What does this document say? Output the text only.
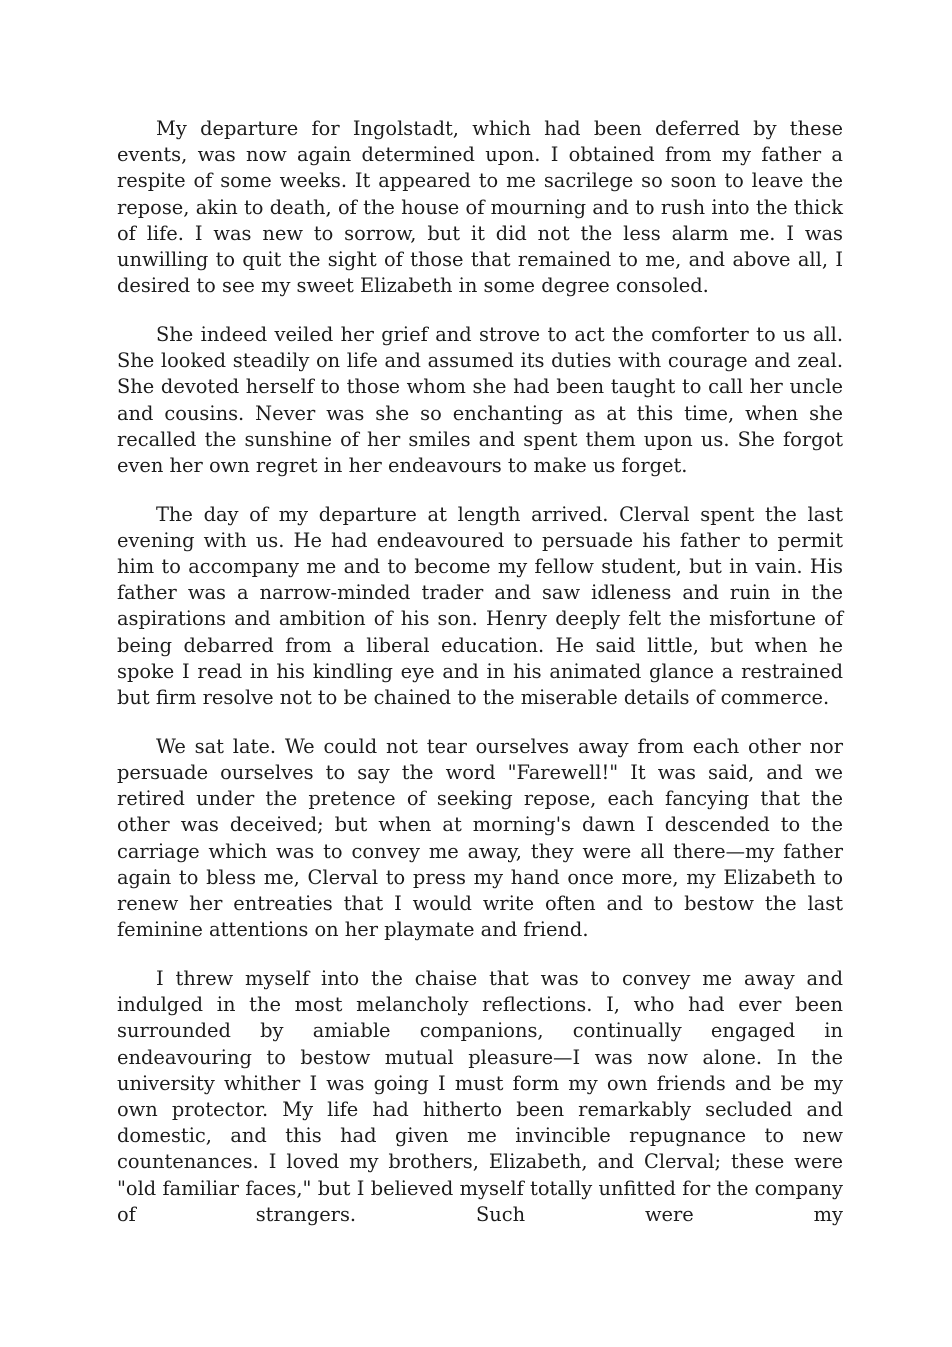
My departure for Ingolstadt, which had been deferred by these events, was now again determined upon. I obtained from my father a respite of some weeks. It appeared to me sacrilege so soon to leave the repose, akin to death, of the house of mourning and to rush into the thick of life. I was new to sorrow, but it did not the less alarm me. I was unwilling to quit the sight of those that remained to me, and above all, I desired to see my sweet Elizabeth in some degree consoled.

She indeed veiled her grief and strove to act the comforter to us all. She looked steadily on life and assumed its duties with courage and zeal. She devoted herself to those whom she had been taught to call her uncle and cousins. Never was she so enchanting as at this time, when she recalled the sunshine of her smiles and spent them upon us. She forgot even her own regret in her endeavours to make us forget.

The day of my departure at length arrived. Clerval spent the last evening with us. He had endeavoured to persuade his father to permit him to accompany me and to become my fellow student, but in vain. His father was a narrow-minded trader and saw idleness and ruin in the aspirations and ambition of his son. Henry deeply felt the misfortune of being debarred from a liberal education. He said little, but when he spoke I read in his kindling eye and in his animated glance a restrained but firm resolve not to be chained to the miserable details of commerce.

We sat late. We could not tear ourselves away from each other nor persuade ourselves to say the word "Farewell!" It was said, and we retired under the pretence of seeking repose, each fancying that the other was deceived; but when at morning's dawn I descended to the carriage which was to convey me away, they were all there—my father again to bless me, Clerval to press my hand once more, my Elizabeth to renew her entreaties that I would write often and to bestow the last feminine attentions on her playmate and friend.

I threw myself into the chaise that was to convey me away and indulged in the most melancholy reflections. I, who had ever been surrounded by amiable companions, continually engaged in endeavouring to bestow mutual pleasure—I was now alone. In the university whither I was going I must form my own friends and be my own protector. My life had hitherto been remarkably secluded and domestic, and this had given me invincible repugnance to new countenances. I loved my brothers, Elizabeth, and Clerval; these were "old familiar faces," but I believed myself totally unfitted for the company of strangers. Such were my
